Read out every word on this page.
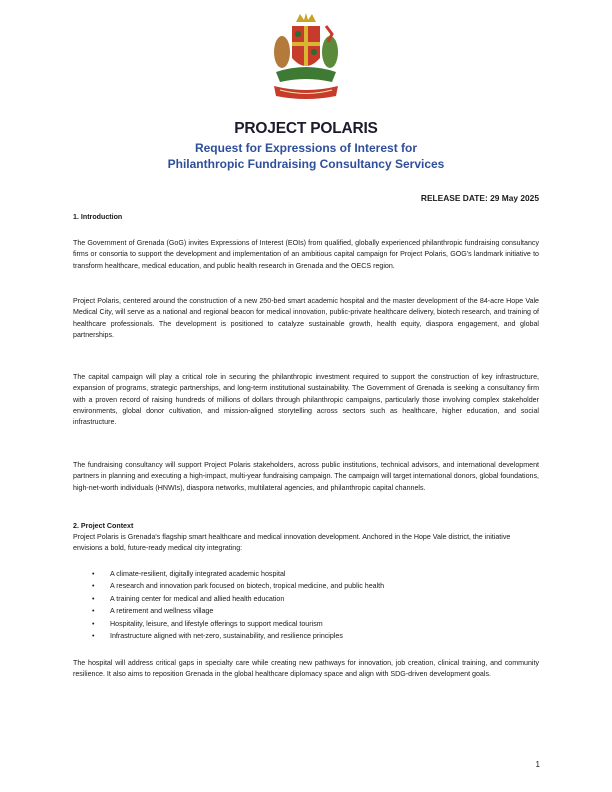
PROJECT POLARIS
Request for Expressions of Interest for
Philanthropic Fundraising Consultancy Services
RELEASE DATE: 29 May 2025
1. Introduction

The Government of Grenada (GoG) invites Expressions of Interest (EOIs) from qualified, globally experienced philanthropic fundraising consultancy firms or consortia to support the development and implementation of an ambitious capital campaign for Project Polaris, GOG's landmark initiative to transform healthcare, medical education, and public health research in Grenada and the OECS region.

Project Polaris, centered around the construction of a new 250-bed smart academic hospital and the master development of the 84-acre Hope Vale Medical City, will serve as a national and regional beacon for medical innovation, public-private healthcare delivery, biotech research, and training of healthcare professionals. The development is positioned to catalyze sustainable growth, health equity, diaspora engagement, and global partnerships.

The capital campaign will play a critical role in securing the philanthropic investment required to support the construction of key infrastructure, expansion of programs, strategic partnerships, and long-term institutional sustainability. The Government of Grenada is seeking a consultancy firm with a proven record of raising hundreds of millions of dollars through philanthropic campaigns, particularly those involving complex stakeholder environments, global donor cultivation, and mission-aligned storytelling across sectors such as healthcare, higher education, and social infrastructure.

The fundraising consultancy will support Project Polaris stakeholders, across public institutions, technical advisors, and international development partners in planning and executing a high-impact, multi-year fundraising campaign. The campaign will target international donors, global foundations, high-net-worth individuals (HNWIs), diaspora networks, multilateral agencies, and philanthropic capital channels.

2. Project Context

Project Polaris is Grenada's flagship smart healthcare and medical innovation development. Anchored in the Hope Vale district, the initiative envisions a bold, future-ready medical city integrating:

• A climate-resilient, digitally integrated academic hospital
• A research and innovation park focused on biotech, tropical medicine, and public health
• A training center for medical and allied health education
• A retirement and wellness village
• Hospitality, leisure, and lifestyle offerings to support medical tourism
• Infrastructure aligned with net-zero, sustainability, and resilience principles

The hospital will address critical gaps in specialty care while creating new pathways for innovation, job creation, clinical training, and community resilience. It also aims to reposition Grenada in the global healthcare diplomacy space and align with SDG-driven development goals.

1
